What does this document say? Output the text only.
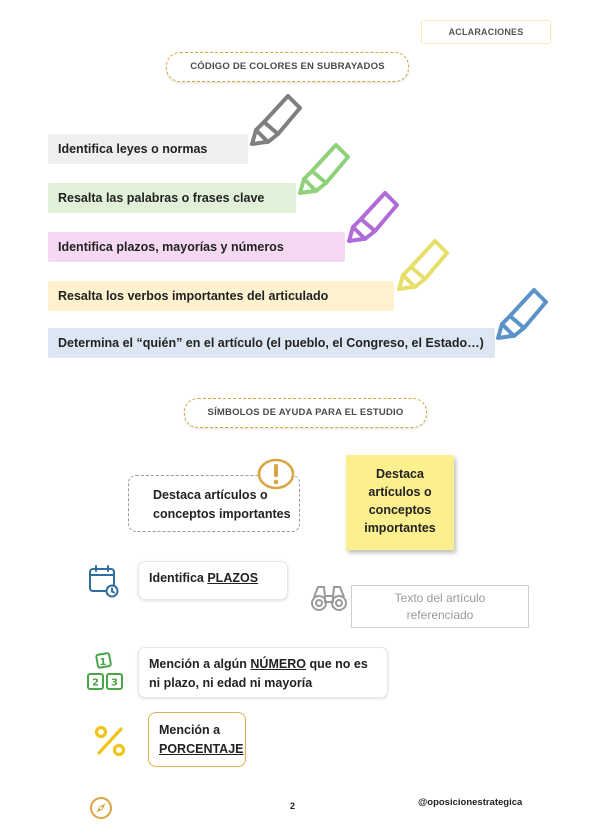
ACLARACIONES
CÓDIGO DE COLORES EN SUBRAYADOS
Identifica leyes o normas
Resalta las palabras o frases clave
Identifica plazos, mayorías y números
Resalta los verbos importantes del articulado
Determina el “quién” en el artículo (el pueblo, el Congreso, el Estado…)
SÍMBOLOS DE AYUDA PARA EL ESTUDIO
Destaca artículos o
conceptos importantes
Destaca
artículos o
conceptos
importantes
Identifica PLAZOS
Texto del artículo
referenciado
1
2 3
Mención a algún NÚMERO que no es
ni plazo, ni edad ni mayoría
Mención a
PORCENTAJE
2	@oposicionestrategica
